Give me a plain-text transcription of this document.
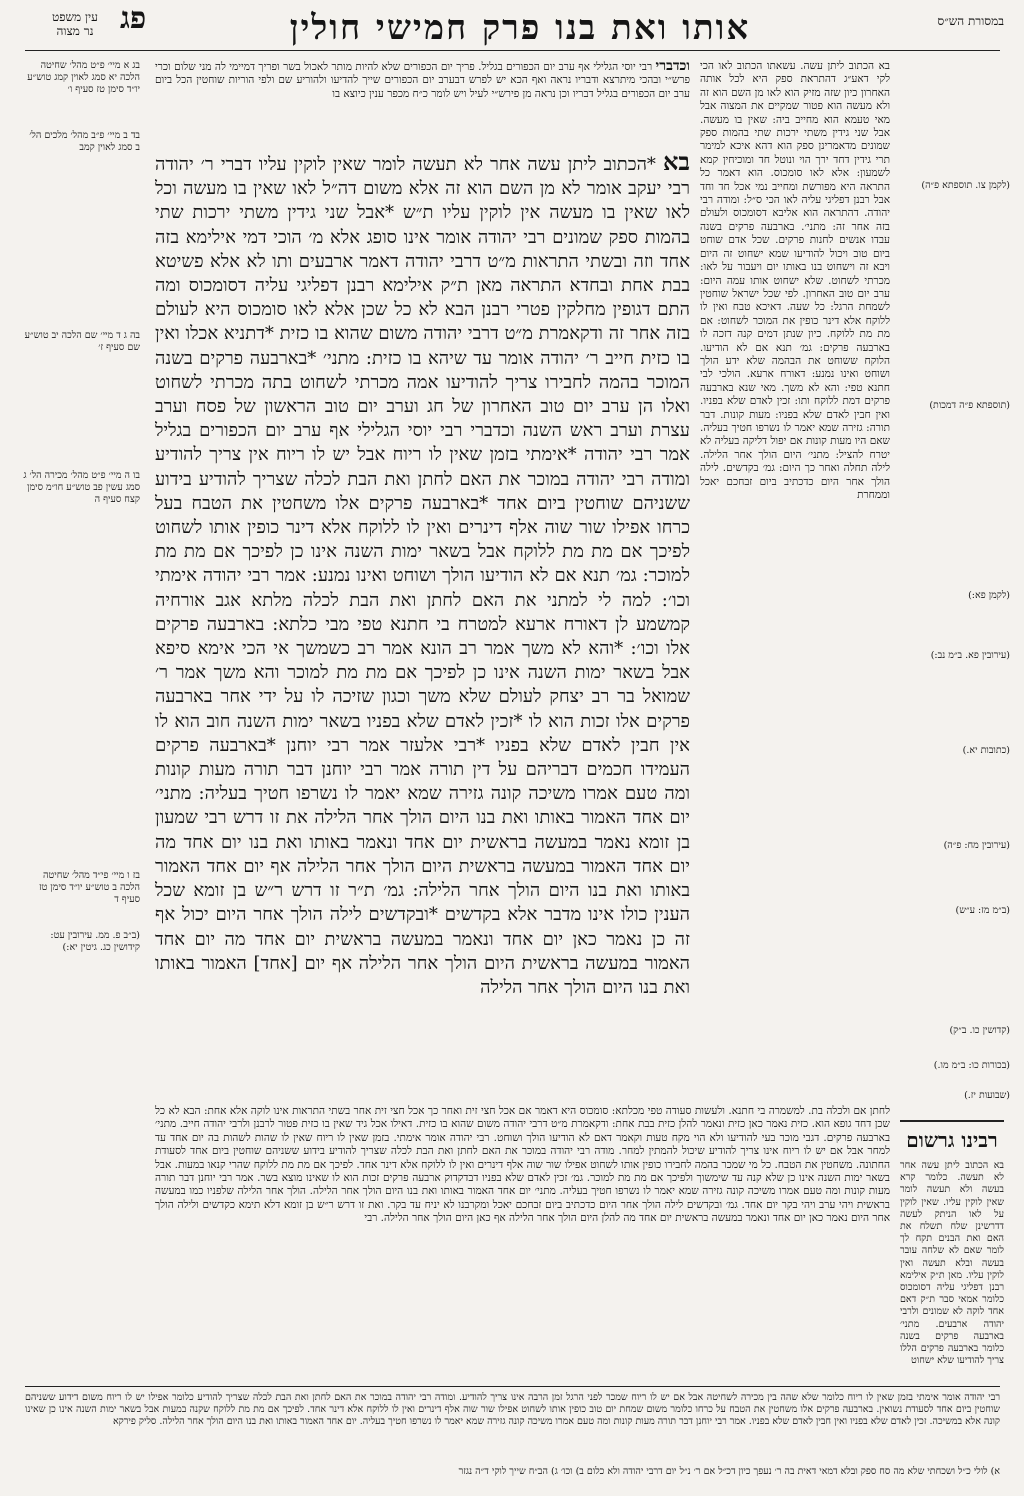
עין משפט
נר מצוה	פג	אותו ואת בנו פרק חמישי חולין	במסורת הש״ס
וכדברי רבי יוסי הגלילי אף ערב יום הכפורים בגליל. פריך יום הכפורים שלא להיות מותר לאכול בשר ופריך דמיימי לה מני שלום וכרי פרש״י ובהכי מיתרצא ודבריו נראה ואף הכא יש לפרש דבערב יום הכפורים שייך להדיעו ולהוריע שם ולפי הוריות שוחטין הכל ביום ערב יום הכפורים בגליל דבריו וכן נראה מן פירש״י לעיל ויש לומר כ״ח מכפר ענין כיוצא בו
בא *הכתוב ליתן עשה אחר לא תעשה לומר שאין לוקין עליו דברי ר׳ יהודה רבי יעקב אומר לא מן השם הוא זה אלא משום דה״ל לאו שאין בו מעשה וכל לאו שאין בו מעשה אין לוקין עליו ת״ש *אבל שני גידין משתי ירכות שתי בהמות ספק שמונים רבי יהודה אומר אינו סופג אלא מ׳ הוכי דמי אילימא בזה אחד וזה ובשתי התראות מ״ט דרבי יהודה דאמר ארבעים ותו לא אלא פשיטא בבת אחת ובחדא התראה מאן ת״ק אילימא רבנן דפליגי עליה דסומכוס ומה התם דגופין מחלקין פטרי רבנן הבא לא כל שכן אלא לאו סומכוס היא לעולם בזה אחר זה ודקאמרת מ״ט דרבי יהודה משום שהוא בו כזית *דתניא אכלו ואין בו כזית חייב ר׳ יהודה אומר עד שיהא בו כזית: מתני׳ *בארבעה פרקים בשנה המוכר בהמה לחבירו צריך להודיעו אמה מכרתי לשחוט בתה מכרתי לשחוט ואלו הן ערב יום טוב האחרון של חג וערב יום טוב הראשון של פסח וערב עצרת וערב ראש השנה וכדברי רבי יוסי הגלילי אף ערב יום הכפורים בגליל אמר רבי יהודה *אימתי בזמן שאין לו ריוח אבל יש לו ריוח אין צריך להודיע ומודה רבי יהודה במוכר את האם לחתן ואת הבת לכלה שצריך להודיע בידוע ששניהם שוחטין ביום אחד *בארבעה פרקים אלו משחטין את הטבח בעל כרחו אפילו שור שוה אלף דינרים ואין לו ללוקח אלא דינר כופין אותו לשחוט לפיכך אם מת מת ללוקח אבל בשאר ימות השנה אינו כן לפיכך אם מת מת למוכר: גמ׳ תנא אם לא הודיעו הולך ושוחט ואינו נמנע: אמר רבי יהודה אימתי וכו׳: למה לי למתני את האם לחתן ואת הבת לכלה מלתא אגב אורחיה קמשמע לן דאורח ארעא למטרח בי חתנא טפי מבי כלתא: בארבעה פרקים אלו וכו׳: *והא לא משך אמר רב הונא אמר רב כשמשך אי הכי אימא סיפא אבל בשאר ימות השנה אינו כן לפיכך אם מת מת למוכר והא משך אמר ר׳ שמואל בר רב יצחק לעולם שלא משך וכגון שזיכה לו על ידי אחר בארבעה פרקים אלו זכות הוא לו *זכין לאדם שלא בפניו בשאר ימות השנה חוב הוא לו אין חבין לאדם שלא בפניו *רבי אלעזר אמר רבי יוחנן *בארבעה פרקים העמידו חכמים דבריהם על דין תורה אמר רבי יוחנן דבר תורה מעות קונות ומה טעם אמרו משיכה קונה גזירה שמא יאמר לו נשרפו חטיך בעליה: מתני׳ יום אחד האמור באותו ואת בנו היום הולך אחר הלילה את זו דרש רבי שמעון בן זומא נאמר במעשה בראשית יום אחד ונאמר באותו ואת בנו יום אחד מה יום אחד האמור במעשה בראשית היום הולך אחר הלילה אף יום אחד האמור באותו ואת בנו היום הולך אחר הלילה: גמ׳ ת״ר זו דרש ר״ש בן זומא שכל הענין כולו אינו מדבר אלא בקדשים *ובקדשים לילה הולך אחר היום יכול אף זה כן נאמר כאן יום אחד ונאמר במעשה בראשית יום אחד מה יום אחד האמור במעשה בראשית היום הולך אחר הלילה אף יום [אחד] האמור באותו ואת בנו היום הולך אחר הלילה
בא הכתוב ליתן עשה. עשאתו הכתוב לאו הכי לקי דאע״ג דהתראת ספק היא לכל אותה האחרון כיון שזה מזיק הוא לאו מן השם הוא זה ולא מעשה הוא פטור שמקיים את המצוה אבל מאי טעמא הוא מחייב ביה: שאין בו מעשה. אבל שני גידין משתי ירכות שתי בהמות ספק שמונים מדאמרינן ספק הוא דהא איכא למימר תרי גידין דחד ירך הוי ונוטל חד ומוכיחין קמא לשמעון: אלא לאו סומכוס. הוא דאמר כל התראה היא מפורשת ומחייב נמי אכל חד וחד אבל רבנן דפליגי עליה לאו הכי ס״ל: ומודה רבי יהודה. דהתראה הוא אליבא דסומכוס ולעולם בזה אחר זה: מתני׳. בארבעה פרקים בשנה עבדו אנשים לחנות פרקים. שכל אדם שוחט ביום טוב ויכול להודיעו שמא ישחוט זה היום ויבא זה וישחוט בנו באותו יום ויעבור על לאו: מכרתי לשחוט. שלא ישחוט אותו עמה היום: ערב יום טוב האחרון. לפי שכל ישראל שוחטין לשמחת הרגל: כל שעה. דאיכא טבח ואין לו ללוקח אלא דינר כופין את המוכר לשחוט: אם מת מת ללוקח. כיון שנתן דמים קנה דזכה לו בארבעה פרקים: גמ׳ תנא אם לא הודיעו. הלוקח ששוחט את הבהמה שלא ידע הולך ושוחט ואינו נמנע: דאורח ארעא. הולכי לבי חתנא טפי: והא לא משך. מאי שנא בארבעה פרקים דמת ללוקח ותו: זכין לאדם שלא בפניו. ואין חבין לאדם שלא בפניו: מעות קונות. דבר תורה: גזירה שמא יאמר לו נשרפו חטיך בעליה. שאם היו מעות קונות אם יפול דליקה בעליה לא יטרח להציל: מתני׳ היום הולך אחר הלילה. לילה תחלה ואחר כך היום: גמ׳ בקדשים. לילה הולך אחר היום כדכתיב ביום זבחכם יאכל וממחרת
לחתן אם ולכלה בת. למשמרה בי חתנא. ולעשות סעודה טפי מכלתא: סומכוס היא דאמר אם אכל חצי זית ואחר כך אכל חצי זית אחר בשתי התראות אינו לוקה אלא אחת: הבא לא כל שכן דחד גופא הוא. כזית נאמר כאן כזית ונאמר להלן כזית בבת אחת: ודקאמרת מ״ט דרבי יהודה משום שהוא בו כזית. דאילו אכל גיד שאין בו כזית פטור לרבנן ולרבי יהודה חייב. מתני׳ בארבעה פרקים. דגבי מוכר בעי להודיעו ולא הוי מקח טעות וקאמר דאם לא הודיעו הולך ושוחט. רבי יהודה אומר אימתי. בזמן שאין לו ריוח שאין לו שהות לשהות בה יום אחד עד למחר אבל אם יש לו ריוח אינו צריך להודיע שיכול להמתין למחר. מודה רבי יהודה במוכר את האם לחתן ואת הבת לכלה שצריך להודיע בידוע ששניהם שוחטין ביום אחד לסעודת החתונה. משחטין את הטבח. כל מי שמכר בהמה לחבירו כופין אותו לשחוט אפילו שור שוה אלף דינרים ואין לו ללוקח אלא דינר אחד. לפיכך אם מת מת ללוקח שהרי קנאו במעות. אבל בשאר ימות השנה אינו כן שלא קנה עד שימשוך ולפיכך אם מת מת למוכר. גמ׳ זכין לאדם שלא בפניו דבדקדוק ארבעה פרקים זכות הוא לו שאינו מוצא בשר. אמר רבי יוחנן דבר תורה מעות קונות ומה טעם אמרו משיכה קונה גזירה שמא יאמר לו נשרפו חטיך בעליה. מתני׳ יום אחד האמור באותו ואת בנו היום הולך אחר הלילה. הולך אחר הלילה שלפניו כמו במעשה בראשית ויהי ערב ויהי בקר יום אחד. גמ׳ ובקדשים לילה הולך אחר היום כדכתיב ביום זבחכם יאכל ומקרבנו לא יניח עד בקר. ואת זו דרש ר״ש בן זומא דלא תימא כקדשים ולילה הולך אחר היום נאמר כאן יום אחד ונאמר במעשה בראשית יום אחד מה להלן היום הולך אחר הלילה אף כאן היום הולך אחר הלילה. רבי
רבינו גרשום
בא הכתוב ליתן עשה אחר לא תעשה. כלומר קרא בעשה ולא תעשה לומר שאין לוקין עליו. שאין לוקין על לאו הניתק לעשה דדרשינן שלח תשלח את האם ואת הבנים תקח לך לומר שאם לא שלחה עובר בעשה ובלא תעשה ואין לוקין עליו. מאן ת״ק אילימא רבנן דפליגי עליה דסומכוס כלומר אמאי סבר ת״ק דאם אחד לוקה לא שמונים ולרבי יהודה ארבעים. מתני׳ בארבעה פרקים בשנה כלומר בארבעה פרקים הללו צריך להודיעו שלא ישחוט
רבי יהודה אומר אימתי בזמן שאין לו ריוח כלומר שלא שהה בין מכירה לשחיטה אבל אם יש לו ריוח שמכר לפני הרגל זמן הרבה אינו צריך להודיע. ומודה רבי יהודה במוכר את האם לחתן ואת הבת לכלה שצריך להודיע כלומר אפילו יש לו ריוח משום דידוע ששניהם שוחטין ביום אחד לסעודת נשואין. בארבעה פרקים אלו משחטין את הטבח על כרחו כלומר משום שמחת יום טוב כופין אותו לשחוט אפילו שור שוה אלף דינרים ואין לו ללוקח אלא דינר אחד. לפיכך אם מת מת ללוקח שקנה במעות אבל בשאר ימות השנה אינו כן שאינו קונה אלא במשיכה. זכין לאדם שלא בפניו ואין חבין לאדם שלא בפניו. אמר רבי יוחנן דבר תורה מעות קונות ומה טעם אמרו משיכה קונה גזירה שמא יאמר לו נשרפו חטיך בעליה. יום אחד האמור באותו ואת בנו היום הולך אחר הלילה. סליק פירקא
א) לולי כ״ל ושכחתי שלא מה סח ספק ובלא דמאי דאית בה ר׳ נעפך כיון דכ״ל אם ר׳ נ״ל יום דרבי יהודה ולא כלום ב) וכו׳ ג) הב״ח שייך לוקי ד״ה נגזר
בג א מיי׳ פ״ט מהל׳ שחיטה הלכה יא סמג לאוין קמג טוש״ע יו״ד סימן טז סעיף ו׳
בד ב מיי׳ פ״ב מהל׳ מלכים הל׳ ב סמג לאוין קמב
בה ג ד מיי׳ שם הלכה יב טוש״ע שם סעיף ז׳
בו ה מיי׳ פ״ט מהל׳ מכירה הל׳ ג סמג עשין פב טוש״ע חו״מ סימן קצח סעיף ה
בז ו מיי׳ פי״ד מהל׳ שחיטה הלכה ב טוש״ע יו״ד סימן טז סעיף ד
(ב״ב פ. ממ. עירובין עט: קידושין כג. גיטין יא:)
(לקמן צו. תוספתא פ״ה)
(תוספתא פ״ה דמכות)
(לקמן פא:)
(עירובין פא. ב״מ נב:)
(כתובות יא.)
(עירובין מח: פ״ה)
(ב״מ מז: ע״ש)
(קדושין כו. ב״ק)
(בכורות כו: ב״מ מו.)
(שבועות יז.)
